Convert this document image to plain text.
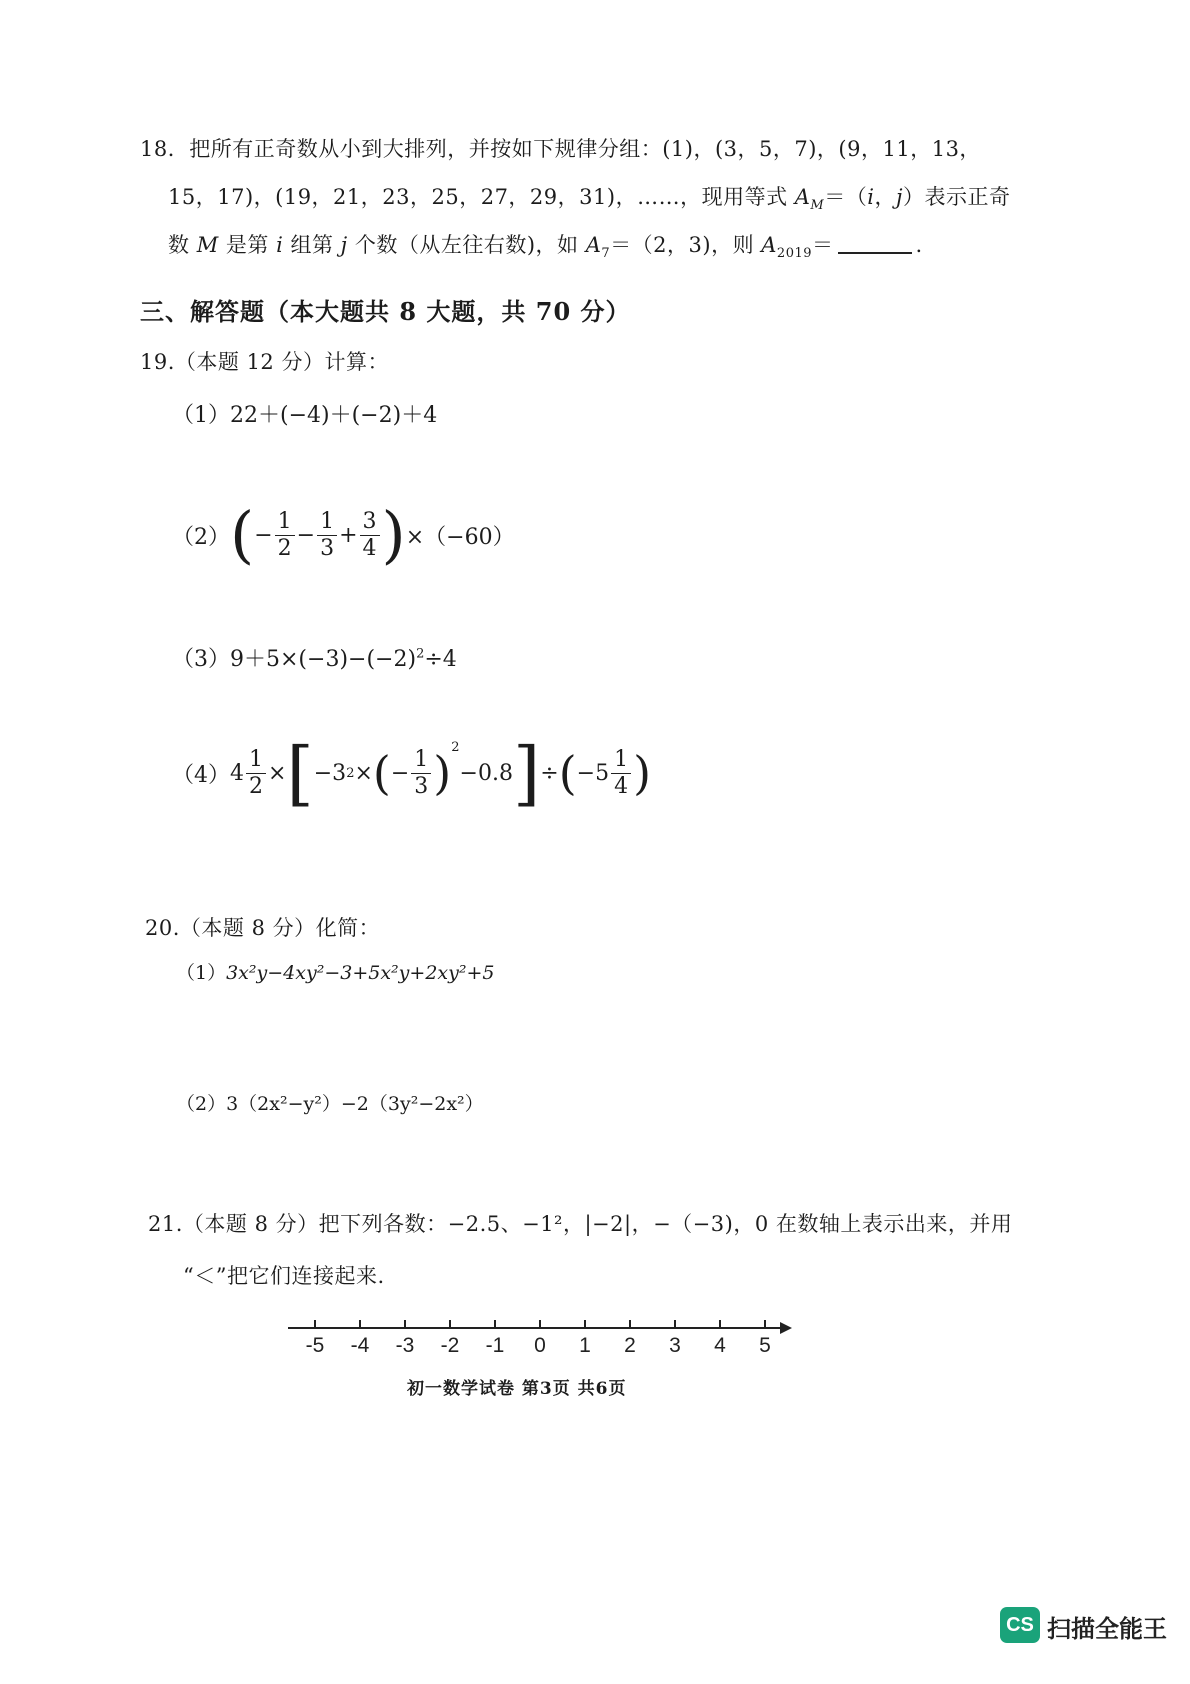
18．把所有正奇数从小到大排列，并按如下规律分组：(1)，(3，5，7)，(9，11，13，
15，17)，(19，21，23，25，27，29，31)，……，现用等式 $A_M=(i$，j）表示正奇
数 M 是第 i 组第 j 个数（从左往右数)，如 $A_7=(2$，3)，则 $A_{2019}=$	.
三、解答题（本大题共 8 大题，共 70 分）
19.（本题 12 分）计算：
（1）22＋(−4)＋(−2)＋4
（2） ( − $\frac{1}{2} - \frac{1}{3} + \frac{3}{4}$ ) ×（−60）
$(3)9+5\times(-3)-(-2)^2\div 4$
（4） $4 \frac{1}{2}$ × [ −3 2 × ( − $\frac{1}{3} )^2$
−0.8 ] ÷ ( $-5 \frac{1}{4}$ )
20.（本题 8 分）化简：
（1）3x²y−4xy²−3+5x²y+2xy²+5
（2）3（2x²−y²）−2（3y²−2x²）
21.（本题 8 分）把下列各数：−2.5、−1²，|−2|，−（−3)，0 在数轴上表示出来，并用
“＜”把它们连接起来.
-5 -4 -3 -2 -1 0 1 2 3 4 5
初一数学试卷 第3页 共6页
CS 扫描全能王
